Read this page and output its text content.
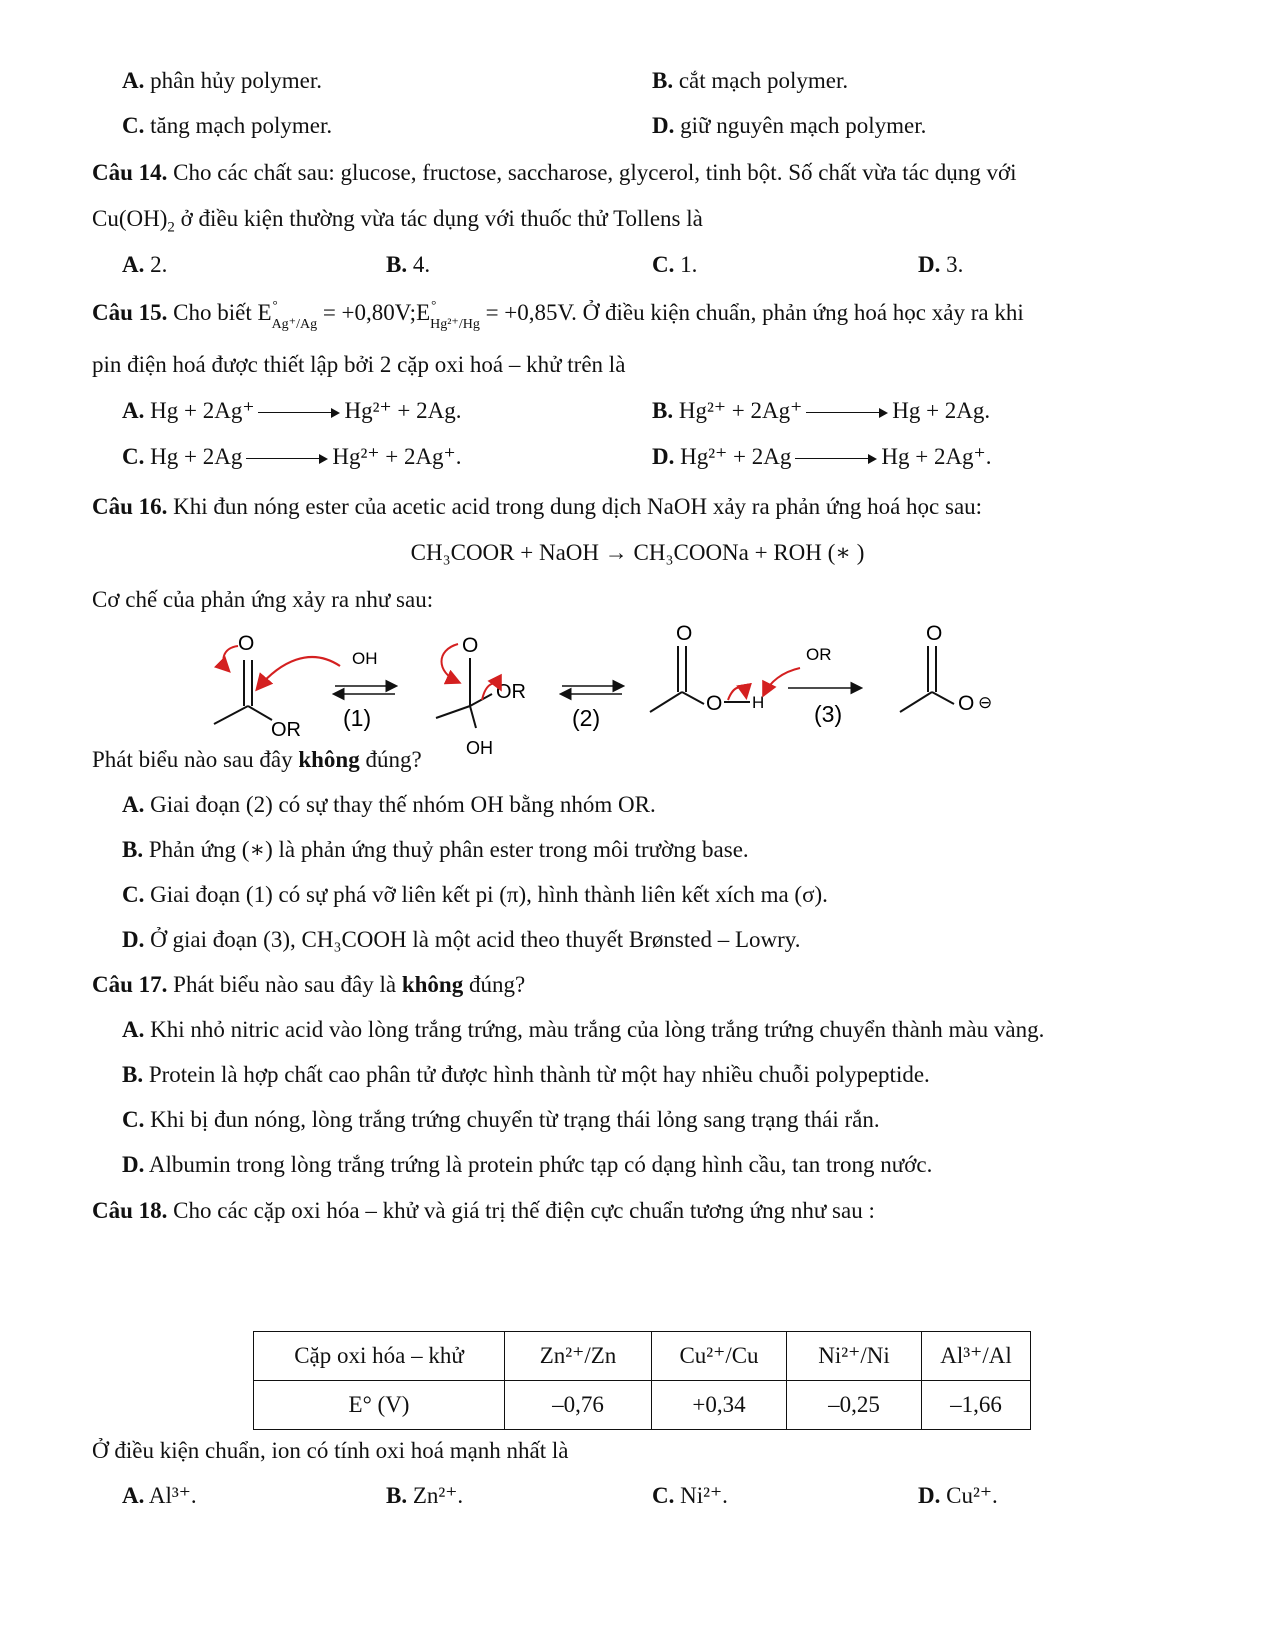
A. phân hủy polymer.	B. cắt mạch polymer.
C. tăng mạch polymer.	D. giữ nguyên mạch polymer.
Câu 14. Cho các chất sau: glucose, fructose, saccharose, glycerol, tinh bột. Số chất vừa tác dụng với
$Cu(OH)_2$ ở điều kiện thường vừa tác dụng với thuốc thử Tollens là
A. 2.	B. 4.	C. 1.	D. 3.
Câu 15. Cho biết E °
$_{Ag^+/Ag}$ = +0,80V;E °
$_{Hg^{2+}/Hg}$ = +0,85V. Ở điều kiện chuẩn, phản ứng hoá học xảy ra khi
pin điện hoá được thiết lập bởi 2 cặp oxi hoá – khử trên là
A. Hg + 2Ag⁺	Hg²⁺ + 2Ag.	B. Hg²⁺ + 2Ag⁺	Hg + 2Ag.
C. Hg + 2Ag	Hg²⁺ + 2Ag⁺.	D. Hg²⁺ + 2Ag	Hg + 2Ag⁺.
Câu 16. Khi đun nóng ester của acetic acid trong dung dịch NaOH xảy ra phản ứng hoá học sau:
CH₃COOR + NaOH → CH₃COONa + ROH (∗ )
Cơ chế của phản ứng xảy ra như sau:
O
OR
OH
(1)
O
OR
OH
(2)
O
O H
OR
(3)
O
O ⊖
Phát biểu nào sau đây không đúng?
A. Giai đoạn (2) có sự thay thế nhóm OH bằng nhóm OR.
B. Phản ứng (∗) là phản ứng thuỷ phân ester trong môi trường base.
C. Giai đoạn (1) có sự phá vỡ liên kết pi (π), hình thành liên kết xích ma (σ).
D. Ở giai đoạn (3), CH₃COOH là một acid theo thuyết Brønsted – Lowry.
Câu 17. Phát biểu nào sau đây là không đúng?
A. Khi nhỏ nitric acid vào lòng trắng trứng, màu trắng của lòng trắng trứng chuyển thành màu vàng.
B. Protein là hợp chất cao phân tử được hình thành từ một hay nhiều chuỗi polypeptide.
C. Khi bị đun nóng, lòng trắng trứng chuyển từ trạng thái lỏng sang trạng thái rắn.
D. Albumin trong lòng trắng trứng là protein phức tạp có dạng hình cầu, tan trong nước.
Câu 18. Cho các cặp oxi hóa – khử và giá trị thế điện cực chuẩn tương ứng như sau :
Cặp oxi hóa – khử	Zn²⁺/Zn	Cu²⁺/Cu	Ni²⁺/Ni	Al³⁺/Al
E° (V)	–0,76	+0,34	–0,25	–1,66
Ở điều kiện chuẩn, ion có tính oxi hoá mạnh nhất là
A. Al³⁺.	B. Zn²⁺.	C. Ni²⁺.	D. Cu²⁺.
